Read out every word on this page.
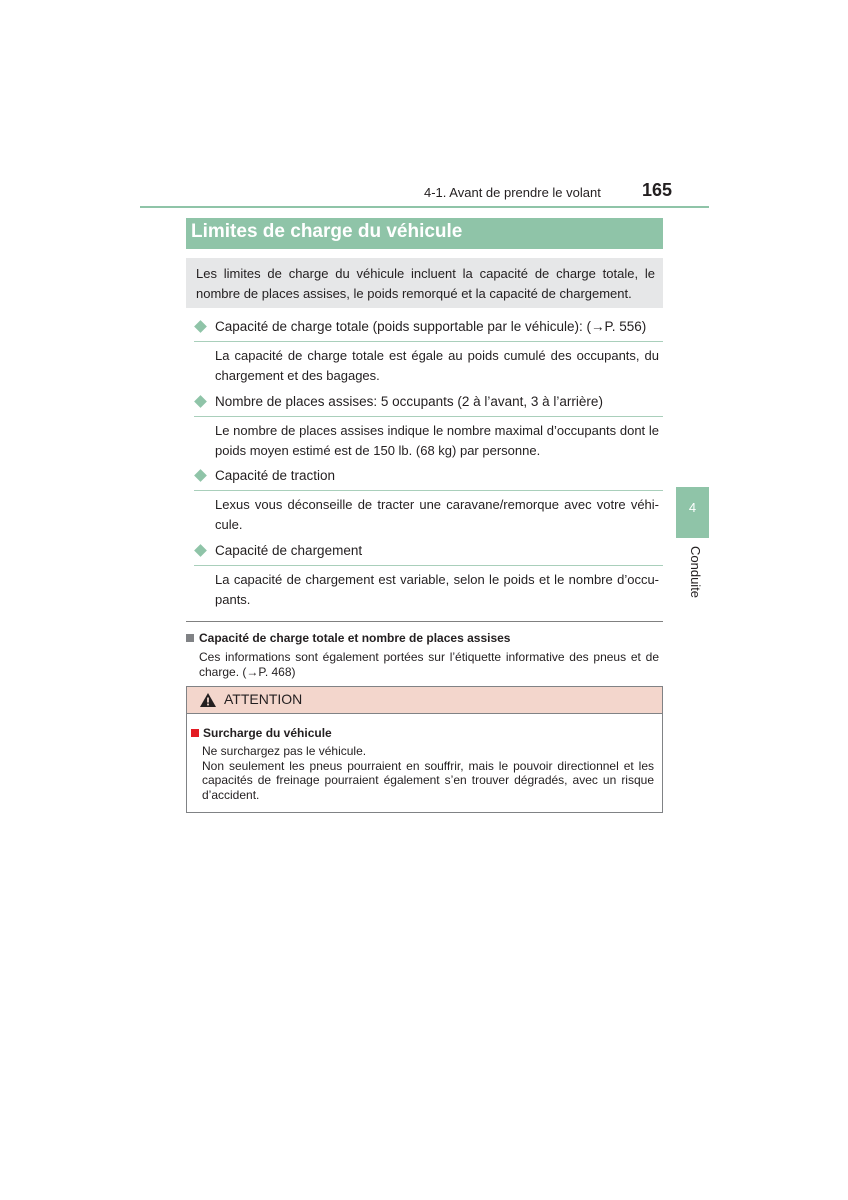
4-1. Avant de prendre le volant 165
Limites de charge du véhicule
Les limites de charge du véhicule incluent la capacité de charge totale, le nombre de places assises, le poids remorqué et la capacité de chargement.
Capacité de charge totale (poids supportable par le véhicule): (→P. 556)
La capacité de charge totale est égale au poids cumulé des occupants, du chargement et des bagages.
Nombre de places assises: 5 occupants (2 à l’avant, 3 à l’arrière)
Le nombre de places assises indique le nombre maximal d’occupants dont le poids moyen estimé est de 150 lb. (68 kg) par personne.
Capacité de traction
Lexus vous déconseille de tracter une caravane/remorque avec votre véhi-cule.
Capacité de chargement
La capacité de chargement est variable, selon le poids et le nombre d’occu-pants.
Capacité de charge totale et nombre de places assises
Ces informations sont également portées sur l’étiquette informative des pneus et de charge. (→P. 468)
ATTENTION
Surcharge du véhicule
Ne surchargez pas le véhicule.
Non seulement les pneus pourraient en souffrir, mais le pouvoir directionnel et les capacités de freinage pourraient également s’en trouver dégradés, avec un risque d’accident.
4
Conduite
